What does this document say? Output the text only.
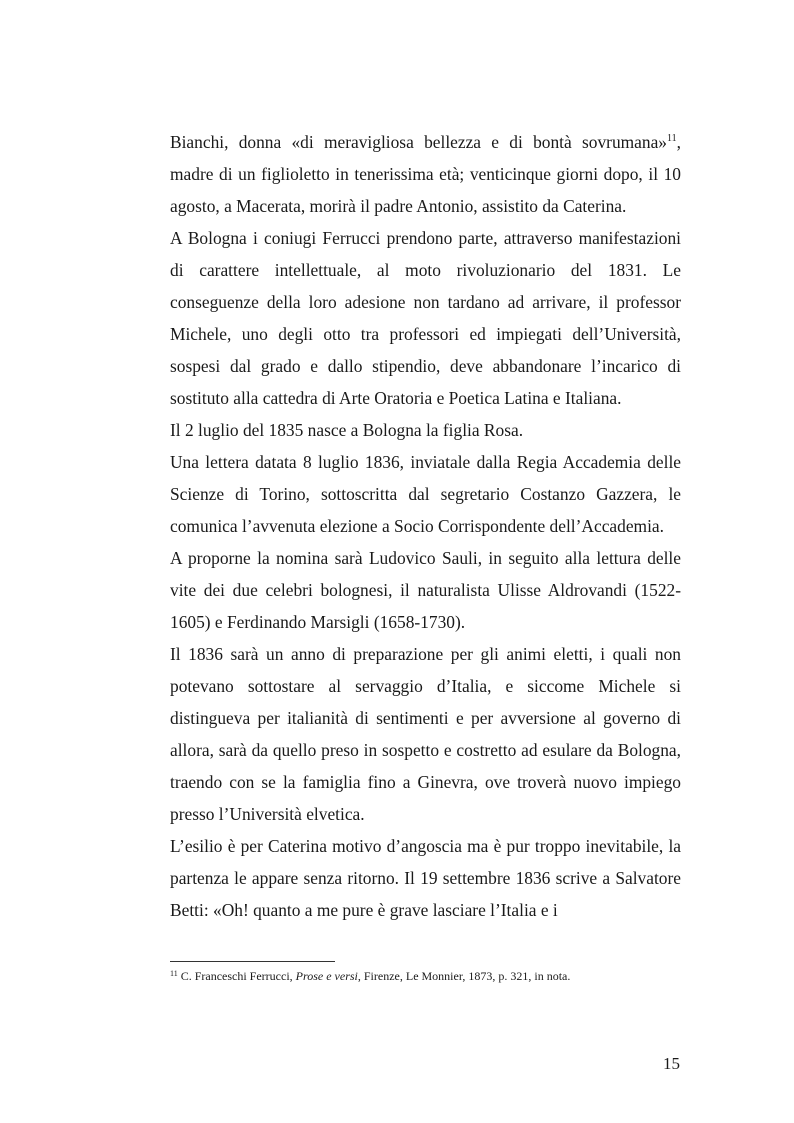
Bianchi, donna «di meravigliosa bellezza e di bontà sovrumana»$^{11}$, madre di un figlioletto in tenerissima età; venticinque giorni dopo, il 10 agosto, a Macerata, morirà il padre Antonio, assistito da Caterina.

A Bologna i coniugi Ferrucci prendono parte, attraverso manifestazioni di carattere intellettuale, al moto rivoluzionario del 1831. Le conseguenze della loro adesione non tardano ad arrivare, il professor Michele, uno degli otto tra professori ed impiegati dell’Università, sospesi dal grado e dallo stipendio, deve abbandonare l’incarico di sostituto alla cattedra di Arte Oratoria e Poetica Latina e Italiana.

Il 2 luglio del 1835 nasce a Bologna la figlia Rosa.

Una lettera datata 8 luglio 1836, inviatale dalla Regia Accademia delle Scienze di Torino, sottoscritta dal segretario Costanzo Gazzera, le comunica l’avvenuta elezione a Socio Corrispondente dell’Accademia.

A proporne la nomina sarà Ludovico Sauli, in seguito alla lettura delle vite dei due celebri bolognesi, il naturalista Ulisse Aldrovandi (1522-1605) e Ferdinando Marsigli (1658-1730).

Il 1836 sarà un anno di preparazione per gli animi eletti, i quali non potevano sottostare al servaggio d’Italia, e siccome Michele si distingueva per italianità di sentimenti e per avversione al governo di allora, sarà da quello preso in sospetto e costretto ad esulare da Bologna, traendo con se la famiglia fino a Ginevra, ove troverà nuovo impiego presso l’Università elvetica.

L’esilio è per Caterina motivo d’angoscia ma è pur troppo inevitabile, la partenza le appare senza ritorno. Il 19 settembre 1836 scrive a Salvatore Betti: «Oh! quanto a me pure è grave lasciare l’Italia e i

$^{11}$ C. Franceschi Ferrucci, Prose e versi, Firenze, Le Monnier, 1873, p. 321, in nota.
15
